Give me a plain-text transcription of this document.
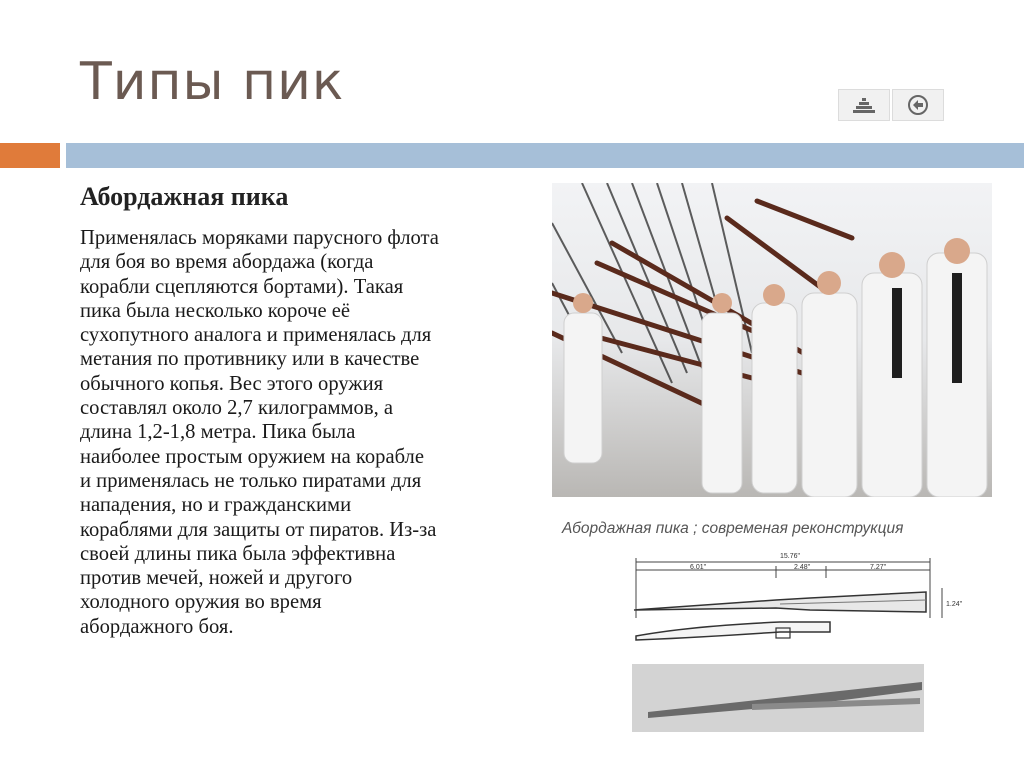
Типы пик
Абордажная пика
Применялась моряками парусного флота
для боя во время абордажа (когда
корабли сцепляются бортами). Такая
пика была несколько короче её
сухопутного аналога и применялась для
метания по противнику или в качестве
обычного копья. Вес этого оружия
составлял около 2,7 килограммов, а
длина 1,2-1,8 метра. Пика была
наиболее простым оружием на корабле
и применялась не только пиратами для
нападения, но и гражданскими
кораблями для защиты от пиратов. Из-за
своей длины пика была эффективна
против мечей, ножей и другого
холодного оружия во время
абордажного боя.
Абордажная пика ; современая реконструкция
15.76"
6.01"	2.48"	7.27"
1.24"
